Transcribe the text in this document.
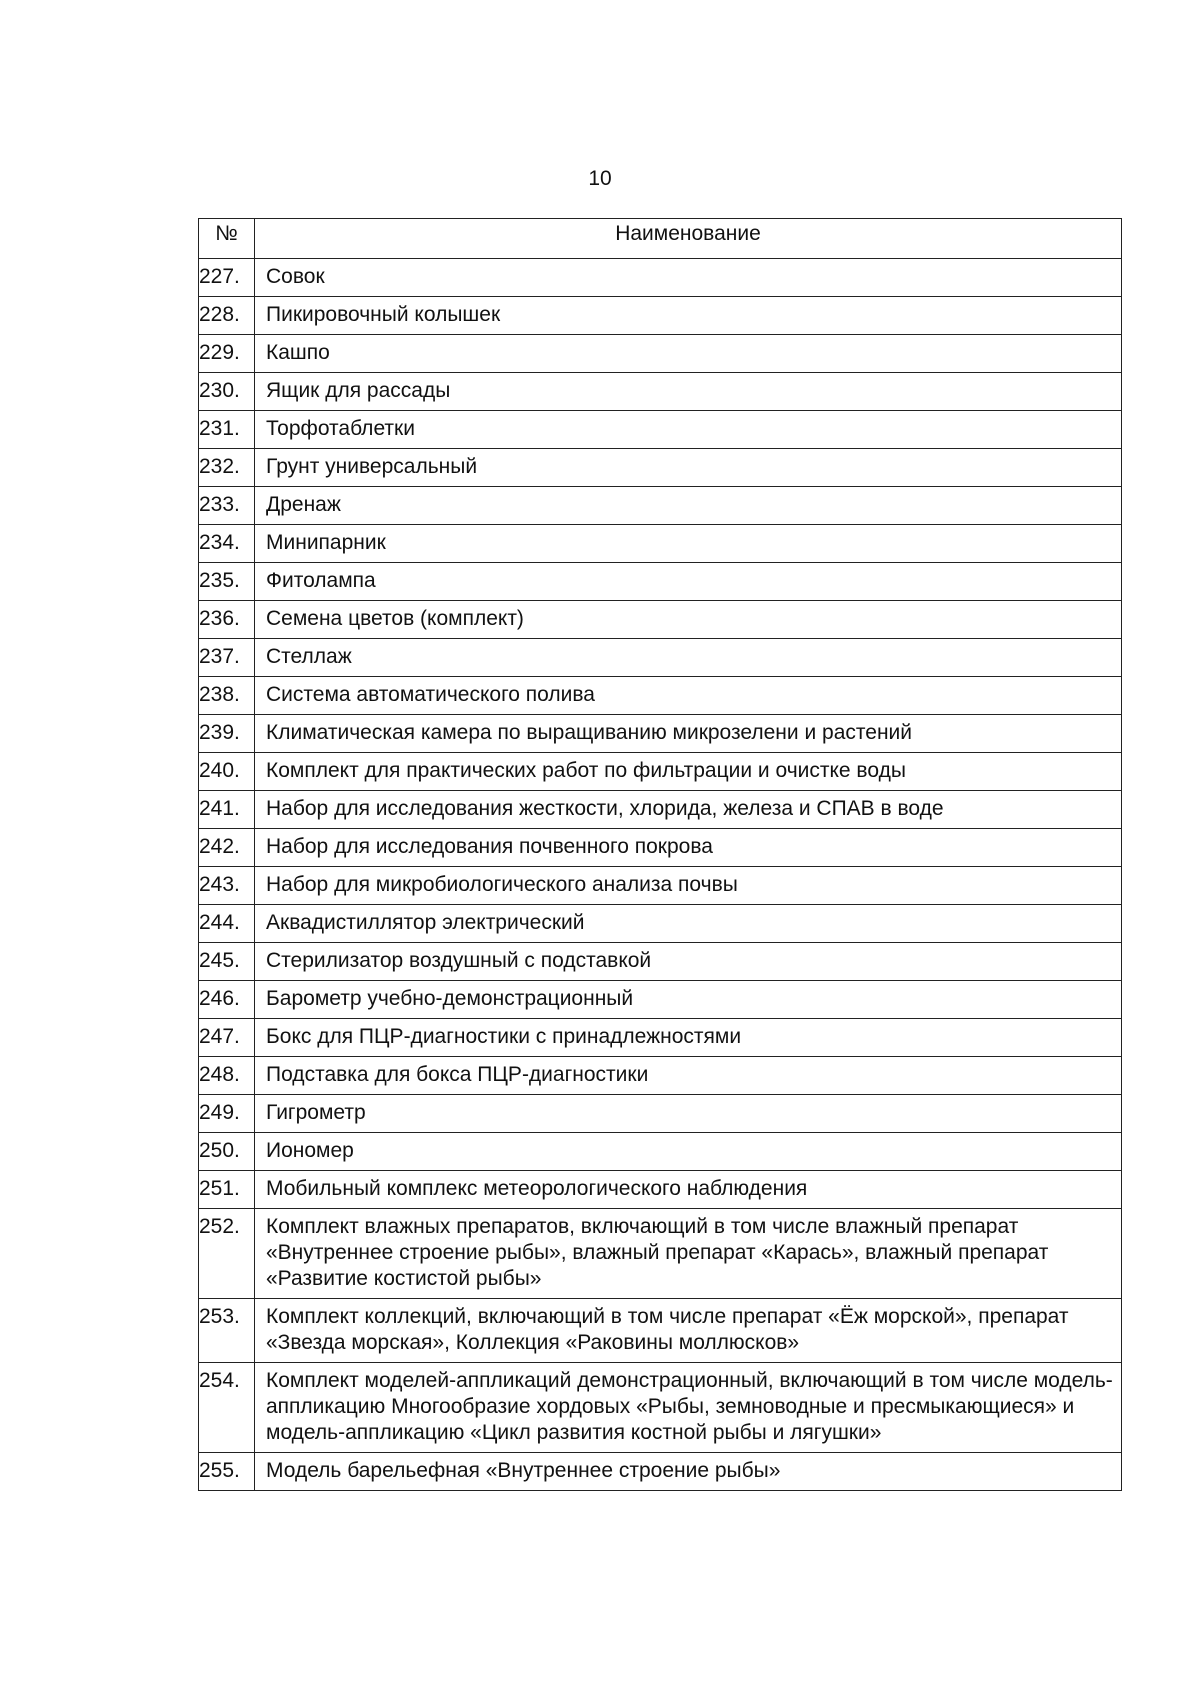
10
№	Наименование
227.	Совок
228.	Пикировочный колышек
229.	Кашпо
230.	Ящик для рассады
231.	Торфотаблетки
232.	Грунт универсальный
233.	Дренаж
234.	Минипарник
235.	Фитолампа
236.	Семена цветов (комплект)
237.	Стеллаж
238.	Система автоматического полива
239.	Климатическая камера по выращиванию микрозелени и растений
240.	Комплект для практических работ по фильтрации и очистке воды
241.	Набор для исследования жесткости, хлорида, железа и СПАВ в воде
242.	Набор для исследования почвенного покрова
243.	Набор для микробиологического анализа почвы
244.	Аквадистиллятор электрический
245.	Стерилизатор воздушный с подставкой
246.	Барометр учебно-демонстрационный
247.	Бокс для ПЦР-диагностики с принадлежностями
248.	Подставка для бокса ПЦР-диагностики
249.	Гигрометр
250.	Иономер
251.	Мобильный комплекс метеорологического наблюдения
252.	Комплект влажных препаратов, включающий в том числе влажный препарат «Внутреннее строение рыбы», влажный препарат «Карась», влажный препарат «Развитие костистой рыбы»
253.	Комплект коллекций, включающий в том числе препарат «Ёж морской», препарат «Звезда морская», Коллекция «Раковины моллюсков»
254.	Комплект моделей-аппликаций демонстрационный, включающий в том числе модель-аппликацию Многообразие хордовых «Рыбы, земноводные и пресмыкающиеся» и модель-аппликацию «Цикл развития костной рыбы и лягушки»
255.	Модель барельефная «Внутреннее строение рыбы»
